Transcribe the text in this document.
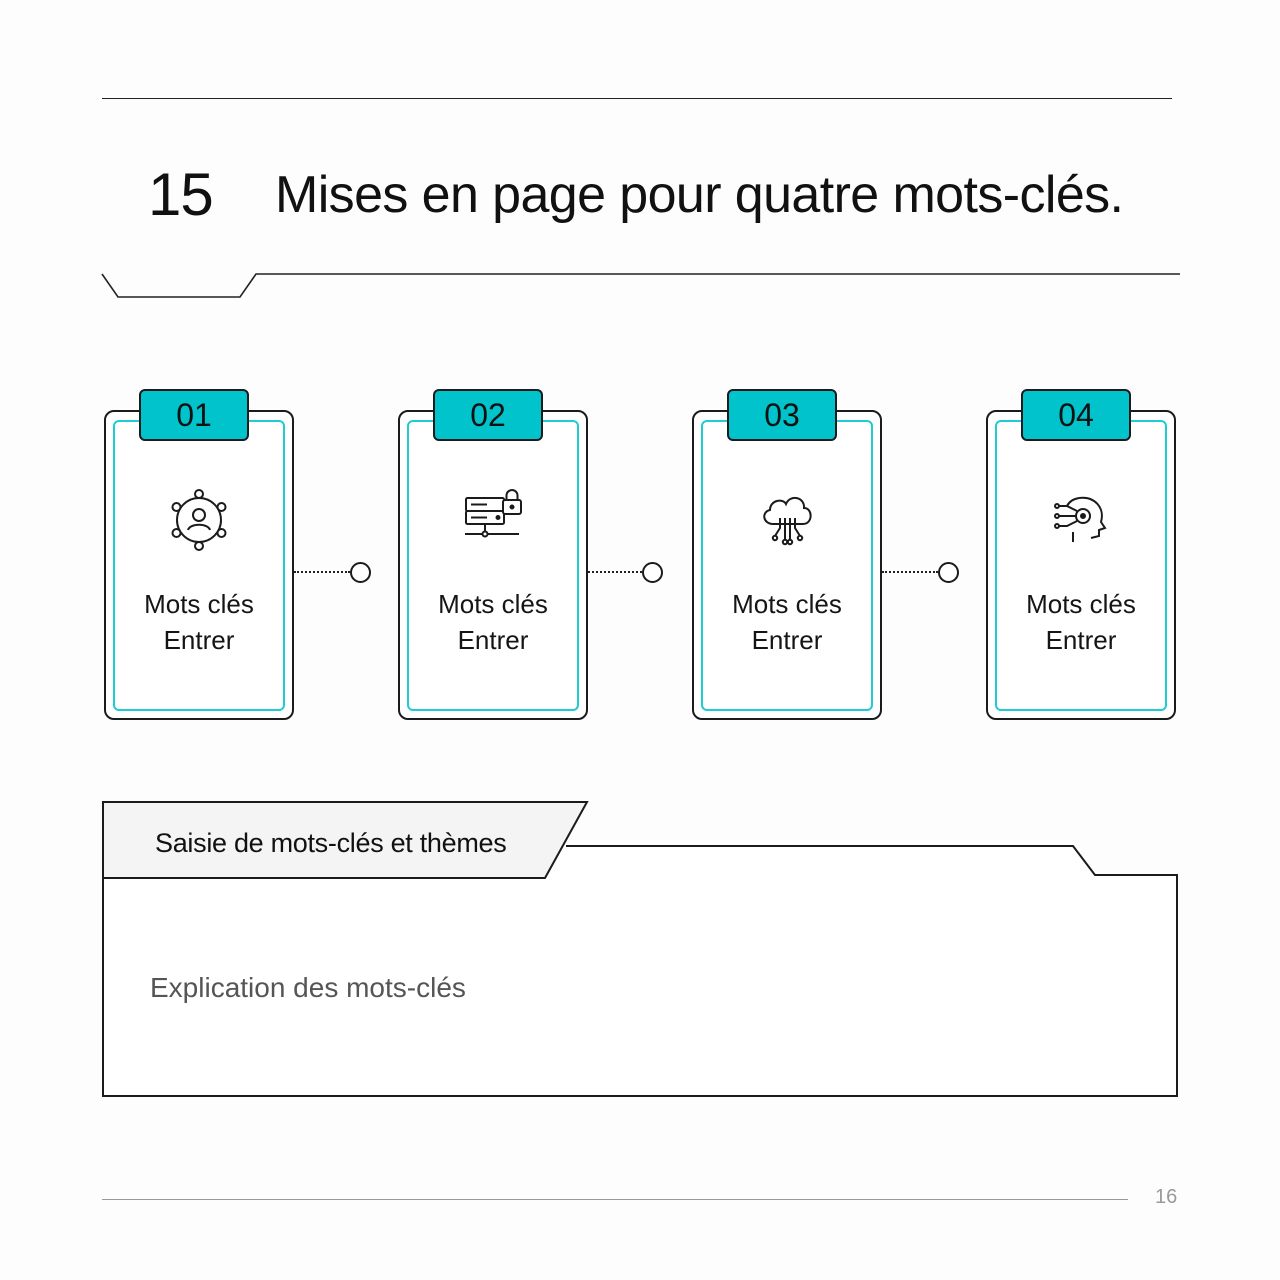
15 Mises en page pour quatre mots-clés.
01
Mots clés
Entrer
02
Mots clés
Entrer
03
Mots clés
Entrer
04
Mots clés
Entrer
Saisie de mots-clés et thèmes
Explication des mots-clés
16
